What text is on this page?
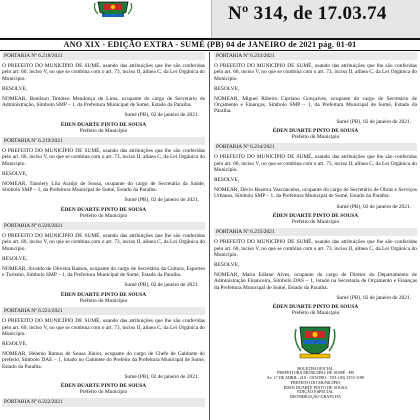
Nº 314, de 17.03.74
ANO XIX - EDIÇÃO EXTRA - SUMÉ (PB) 04 de JANEIRO de 2021 pág. 01-01
PORTARIA Nº 6.218/2021

O PREFEITO DO MUNICÍPIO DE SUMÉ, usando das atribuições que lhe são conferidas pelo art. 60, inciso V, no que se combina com o art. 73, inciso II, alínea C, da Lei Orgânica do Município.

RESOLVE,

NOMEAR, Benilson Timóteo Mendonça de Lima, ocupante do cargo de Secretário de Administração, Símbolo SMP – 1, da Prefeitura Municipal de Sumé, Estado da Paraíba.

Sumé (PB), 02 de janeiro de 2021.

ÉDEN DUARTE PINTO DE SOUSA

Prefeito do Município

PORTARIA Nº 6.219/2021

O PREFEITO DO MUNICÍPIO DE SUMÉ, usando das atribuições que lhe são conferidas pelo art. 60, inciso V, no que se combina com o art. 73, inciso II, alínea C, da Lei Orgânica do Município.

RESOLVE,

NOMEAR, Tanniery Lila Araújo de Sousa, ocupante do cargo de Secretária da Saúde, Símbolo SMP – 1, da Prefeitura Municipal de Sumé, Estado da Paraíba.

Sumé (PB), 02 de janeiro de 2021.

ÉDEN DUARTE PINTO DE SOUSA

Prefeito do Município

PORTARIA Nº 6.220/2021

O PREFEITO DO MUNICÍPIO DE SUMÉ, usando das atribuições que lhe são conferidas pelo art. 60, inciso V, no que se combina com o art. 73, inciso II, alínea C, da Lei Orgânica do Município.

RESOLVE,

NOMEAR, Sivaldo de Oliveira Ramos, ocupante do cargo de Secretário da Cultura, Esportes e Turismo, Símbolo SMP – 1, da Prefeitura Municipal de Sumé, Estado da Paraíba.

Sumé (PB), 02 de janeiro de 2021.

ÉDEN DUARTE PINTO DE SOUSA

Prefeito do Município

PORTARIA Nº 6.221/2021

O PREFEITO DO MUNICÍPIO DE SUMÉ, usando das atribuições que lhe são conferidas pelo art. 60, inciso V, no que se combina com o art. 73, inciso II, alínea C, da Lei Orgânica do Município.

RESOLVE,

NOMEAR, Helenio Ramos de Sousa Júnior, ocupante do cargo de Chefe de Gabinete do prefeito, Símbolo DAE – 1, lotado no Gabinete do Prefeito da Prefeitura Municipal de Sumé, Estado da Paraíba.

Sumé (PB), 02 de janeiro de 2021.

ÉDEN DUARTE PINTO DE SOUSA

Prefeito do Município

PORTARIA Nº 6.222/2021
PORTARIA Nº 6.233/2021

O PREFEITO DO MUNICÍPIO DE SUMÉ, usando das atribuições que lhe são conferidas pelo art. 60, inciso V, no que se combina com o art. 73, inciso II, alínea C, da Lei Orgânica do Município.

RESOLVE,

NOMEAR, Miguel Ribeiro Cipriano Gonçalves, ocupante do cargo de Secretário de Orçamento e Finanças, Símbolo SMP – 1, da Prefeitura Municipal de Sumé, Estado da Paraíba.

Sumé (PB), 02 de janeiro de 2021.

ÉDEN DUARTE PINTO DE SOUSA

Prefeito do Município

PORTARIA Nº 6.234/2021

O PREFEITO DO MUNICÍPIO DE SUMÉ, usando das atribuições que lhe são conferidas pelo art. 60, inciso V, no que se combina com o art. 73, inciso II, alínea C, da Lei Orgânica do Município.

RESOLVE,

NOMEAR, Décio Bezerra Vasconcelos, ocupante do cargo de Secretário de Obras e Serviços Urbanos, Símbolo SMP – 1, da Prefeitura Municipal de Sumé, Estado da Paraíba.

Sumé (PB), 02 de janeiro de 2021.

ÉDEN DUARTE PINTO DE SOUSA

Prefeito do Município

PORTARIA Nº 6.235/2021

O PREFEITO DO MUNICÍPIO DE SUMÉ, usando das atribuições que lhe são conferidas pelo art. 60, inciso V, no que se combina com o art. 73, inciso II, alínea C, da Lei Orgânica do Município.

RESOLVE,

NOMEAR, Maria Edlane Alves, ocupante do cargo de Diretor do Departamento de Administração Financeira, Símbolo DAS – 1, lotado na Secretaria de Orçamento e Finanças da Prefeitura Municipal de Sumé, Estado da Paraíba.

Sumé (PB), 02 de janeiro de 2021.

ÉDEN DUARTE PINTO DE SOUSA

Prefeito do Município

BOLETIM OFICIAL
PREFEITURA MUNICIPAL DE SUMÉ - PB
Av. 17 DE ABRIL, 210 - CENTRO - TEL (83) 3353-1180
PREFEITO DO MUNICÍPIO
ÉDEN DUARTE PINTO DE SOUSA
EDIÇÃO ESPECIAL
DISTRIBUIÇÃO GRATUITA
